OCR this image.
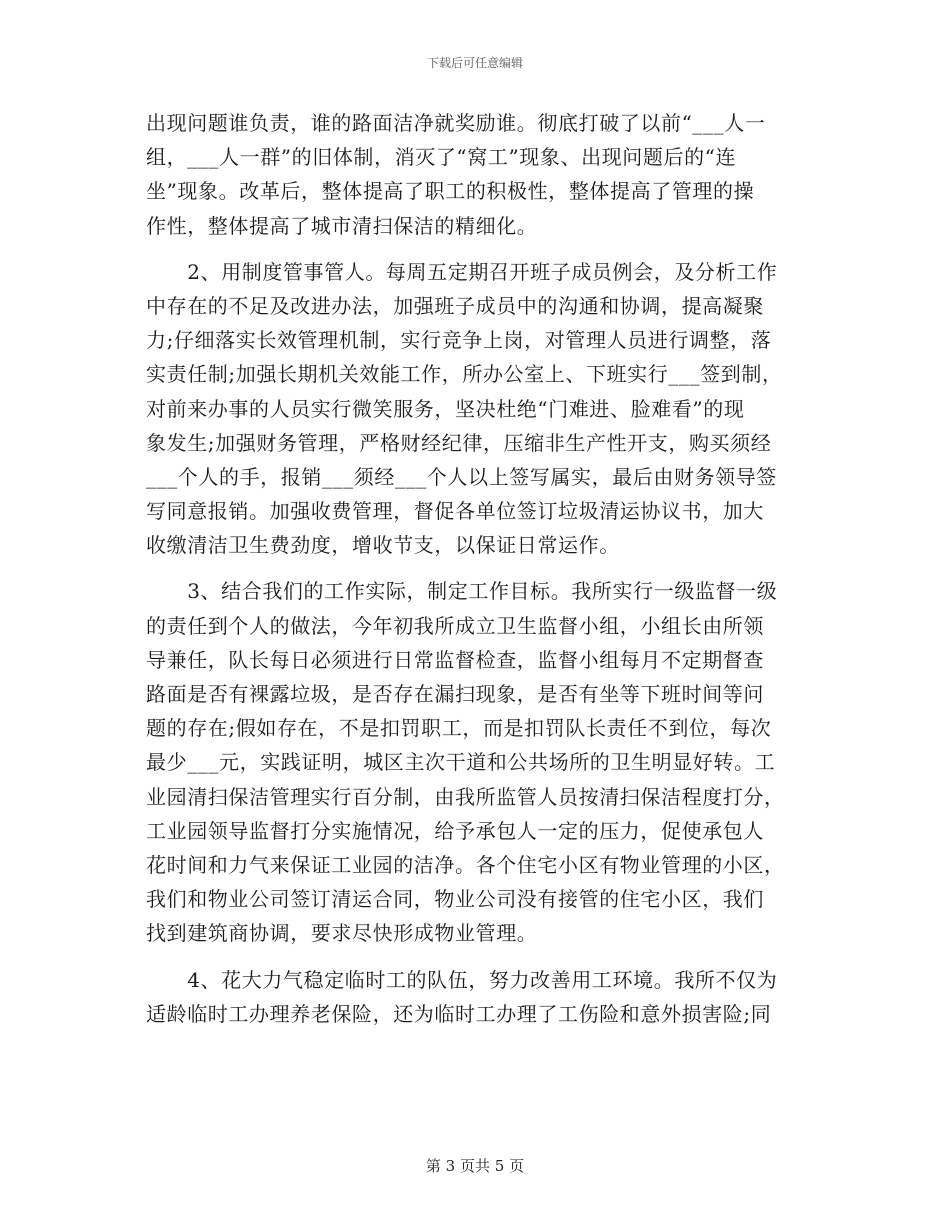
下载后可任意编辑
出现问题谁负责，谁的路面洁净就奖励谁。彻底打破了以前“___人一
组，___人一群”的旧体制，消灭了“窝工”现象、出现问题后的“连
坐”现象。改革后，整体提高了职工的积极性，整体提高了管理的操
作性，整体提高了城市清扫保洁的精细化。
　　2、用制度管事管人。每周五定期召开班子成员例会，及分析工作
中存在的不足及改进办法，加强班子成员中的沟通和协调，提高凝聚
力;仔细落实长效管理机制，实行竞争上岗，对管理人员进行调整，落
实责任制;加强长期机关效能工作，所办公室上、下班实行___签到制，
对前来办事的人员实行微笑服务，坚决杜绝“门难进、脸难看”的现
象发生;加强财务管理，严格财经纪律，压缩非生产性开支，购买须经
___个人的手，报销___须经___个人以上签写属实，最后由财务领导签
写同意报销。加强收费管理，督促各单位签订垃圾清运协议书，加大
收缴清洁卫生费劲度，增收节支，以保证日常运作。
　　3、结合我们的工作实际，制定工作目标。我所实行一级监督一级
的责任到个人的做法，今年初我所成立卫生监督小组，小组长由所领
导兼任，队长每日必须进行日常监督检查，监督小组每月不定期督查
路面是否有裸露垃圾，是否存在漏扫现象，是否有坐等下班时间等问
题的存在;假如存在，不是扣罚职工，而是扣罚队长责任不到位，每次
最少___元，实践证明，城区主次干道和公共场所的卫生明显好转。工
业园清扫保洁管理实行百分制，由我所监管人员按清扫保洁程度打分，
工业园领导监督打分实施情况，给予承包人一定的压力，促使承包人
花时间和力气来保证工业园的洁净。各个住宅小区有物业管理的小区，
我们和物业公司签订清运合同，物业公司没有接管的住宅小区，我们
找到建筑商协调，要求尽快形成物业管理。
　　4、花大力气稳定临时工的队伍，努力改善用工环境。我所不仅为
适龄临时工办理养老保险，还为临时工办理了工伤险和意外损害险;同
第 3 页共 5 页
